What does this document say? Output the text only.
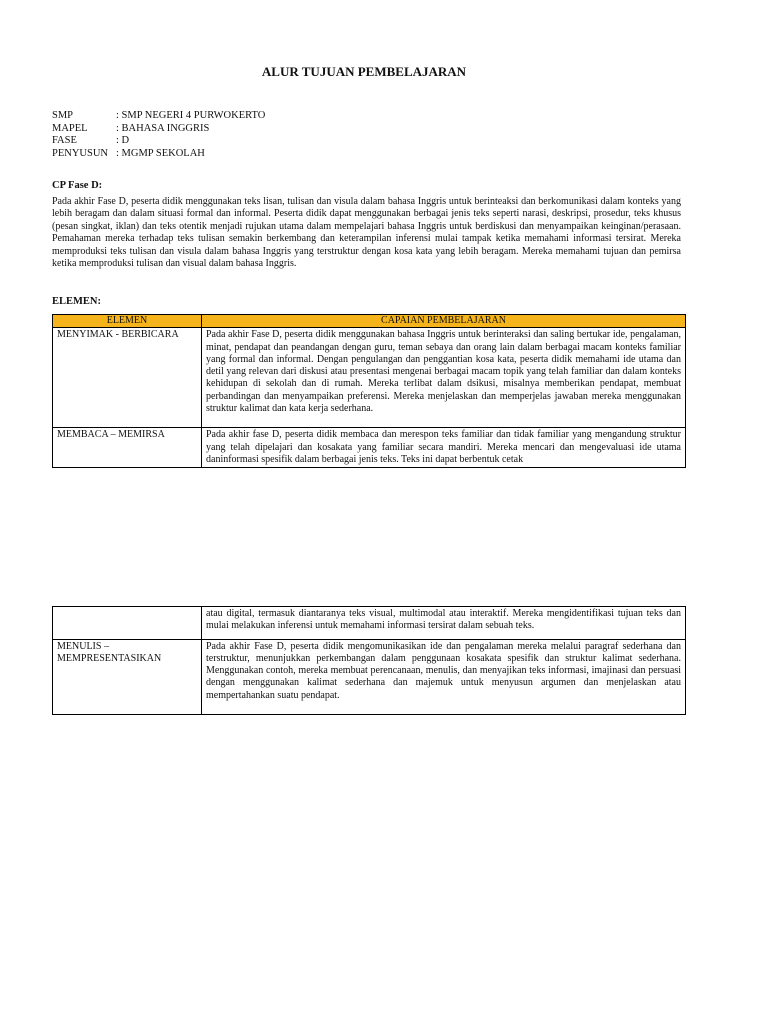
ALUR TUJUAN PEMBELAJARAN
SMP	: SMP NEGERI 4 PURWOKERTO
MAPEL	: BAHASA INGGRIS
FASE	: D
PENYUSUN : MGMP SEKOLAH
CP Fase D:
Pada akhir Fase D, peserta didik menggunakan teks lisan, tulisan dan visula dalam bahasa Inggris untuk berinteaksi dan berkomunikasi dalam konteks yang lebih beragam dan dalam situasi formal dan informal. Peserta didik dapat menggunakan berbagai jenis teks seperti narasi, deskripsi, prosedur, teks khusus (pesan singkat, iklan) dan teks otentik menjadi rujukan utama dalam mempelajari bahasa Inggris untuk berdiskusi dan menyampaikan keinginan/perasaan. Pemahaman mereka terhadap teks tulisan semakin berkembang dan keterampilan inferensi mulai tampak ketika memahami informasi tersirat. Mereka memproduksi teks tulisan dan visula dalam bahasa Inggris yang terstruktur dengan kosa kata yang lebih beragam. Mereka memahami tujuan dan pemirsa ketika memproduksi tulisan dan visual dalam bahasa Inggris.
ELEMEN:
ELEMEN	CAPAIAN PEMBELAJARAN
MENYIMAK - BERBICARA	Pada akhir Fase D, peserta didik menggunakan bahasa Inggris untuk berinteraksi dan saling bertukar ide, pengalaman, minat, pendapat dan peandangan dengan guru, teman sebaya dan orang lain dalam berbagai macam konteks familiar yang formal dan informal. Dengan pengulangan dan penggantian kosa kata, peserta didik memahami ide utama dan detil yang relevan dari diskusi atau presentasi mengenai berbagai macam topik yang telah familiar dan dalam konteks kehidupan di sekolah dan di rumah. Mereka terlibat dalam dsikusi, misalnya memberikan pendapat, membuat perbandingan dan menyampaikan preferensi. Mereka menjelaskan dan memperjelas jawaban mereka menggunakan struktur kalimat dan kata kerja sederhana.
MEMBACA – MEMIRSA	Pada akhir fase D, peserta didik membaca dan merespon teks familiar dan tidak familiar yang mengandung struktur yang telah dipelajari dan kosakata yang familiar secara mandiri. Mereka mencari dan mengevaluasi ide utama daninformasi spesifik dalam berbagai jenis teks. Teks ini dapat berbentuk cetak
	atau digital, termasuk diantaranya teks visual, multimodal atau interaktif. Mereka mengidentifikasi tujuan teks dan mulai melakukan inferensi untuk memahami informasi tersirat dalam sebuah teks.
MENULIS – MEMPRESENTASIKAN	Pada akhir Fase D, peserta didik mengomunikasikan ide dan pengalaman mereka melalui paragraf sederhana dan terstruktur, menunjukkan perkembangan dalam penggunaan kosakata spesifik dan struktur kalimat sederhana. Menggunakan contoh, mereka membuat perencanaan, menulis, dan menyajikan teks informasi, imajinasi dan persuasi dengan menggunakan kalimat sederhana dan majemuk untuk menyusun argumen dan menjelaskan atau mempertahankan suatu pendapat.
